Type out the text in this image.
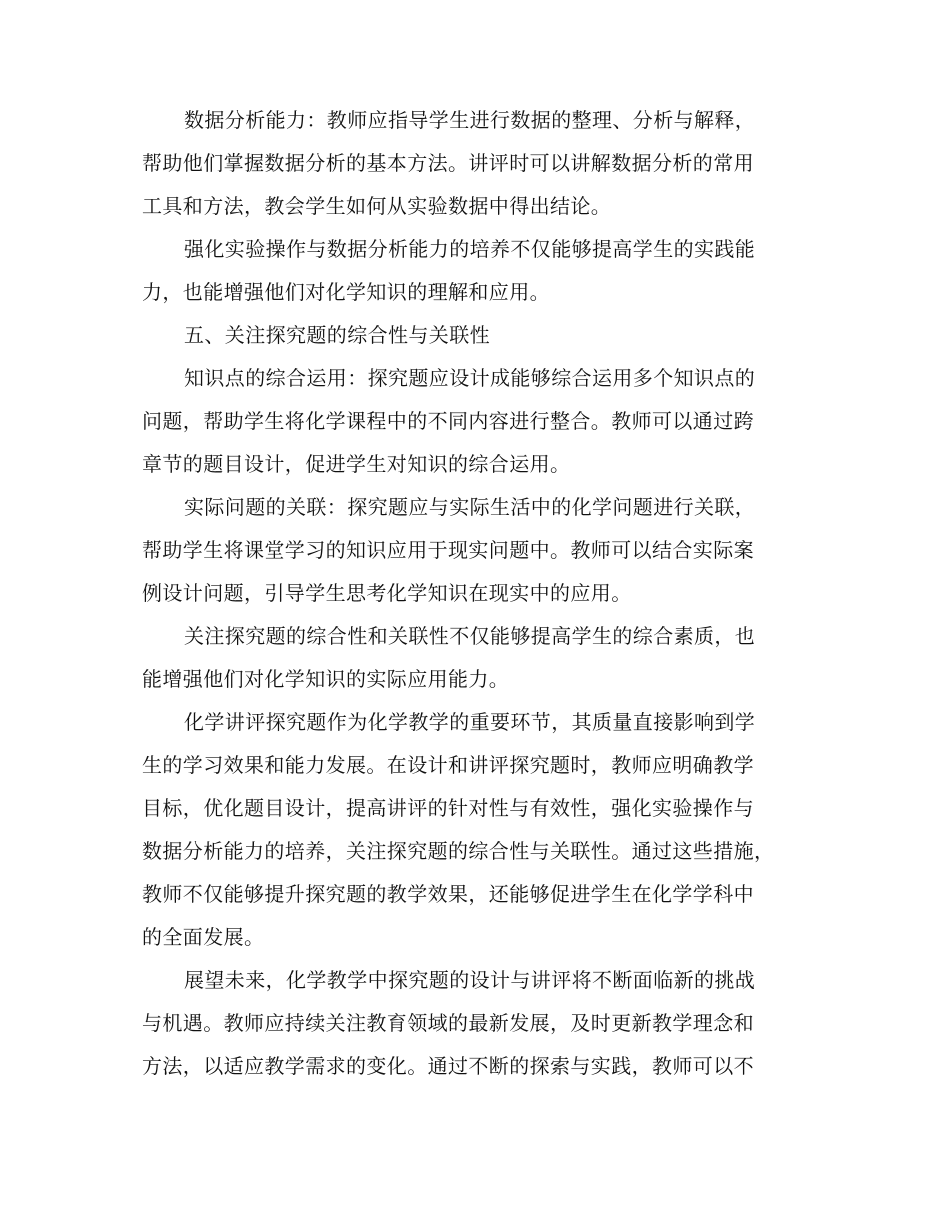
数据分析能力：教师应指导学生进行数据的整理、分析与解释，
帮助他们掌握数据分析的基本方法。讲评时可以讲解数据分析的常用
工具和方法，教会学生如何从实验数据中得出结论。
强化实验操作与数据分析能力的培养不仅能够提高学生的实践能
力，也能增强他们对化学知识的理解和应用。
五、关注探究题的综合性与关联性
知识点的综合运用：探究题应设计成能够综合运用多个知识点的
问题，帮助学生将化学课程中的不同内容进行整合。教师可以通过跨
章节的题目设计，促进学生对知识的综合运用。
实际问题的关联：探究题应与实际生活中的化学问题进行关联，
帮助学生将课堂学习的知识应用于现实问题中。教师可以结合实际案
例设计问题，引导学生思考化学知识在现实中的应用。
关注探究题的综合性和关联性不仅能够提高学生的综合素质，也
能增强他们对化学知识的实际应用能力。
化学讲评探究题作为化学教学的重要环节，其质量直接影响到学
生的学习效果和能力发展。在设计和讲评探究题时，教师应明确教学
目标，优化题目设计，提高讲评的针对性与有效性，强化实验操作与
数据分析能力的培养，关注探究题的综合性与关联性。通过这些措施，
教师不仅能够提升探究题的教学效果，还能够促进学生在化学学科中
的全面发展。
展望未来，化学教学中探究题的设计与讲评将不断面临新的挑战
与机遇。教师应持续关注教育领域的最新发展，及时更新教学理念和
方法，以适应教学需求的变化。通过不断的探索与实践，教师可以不
